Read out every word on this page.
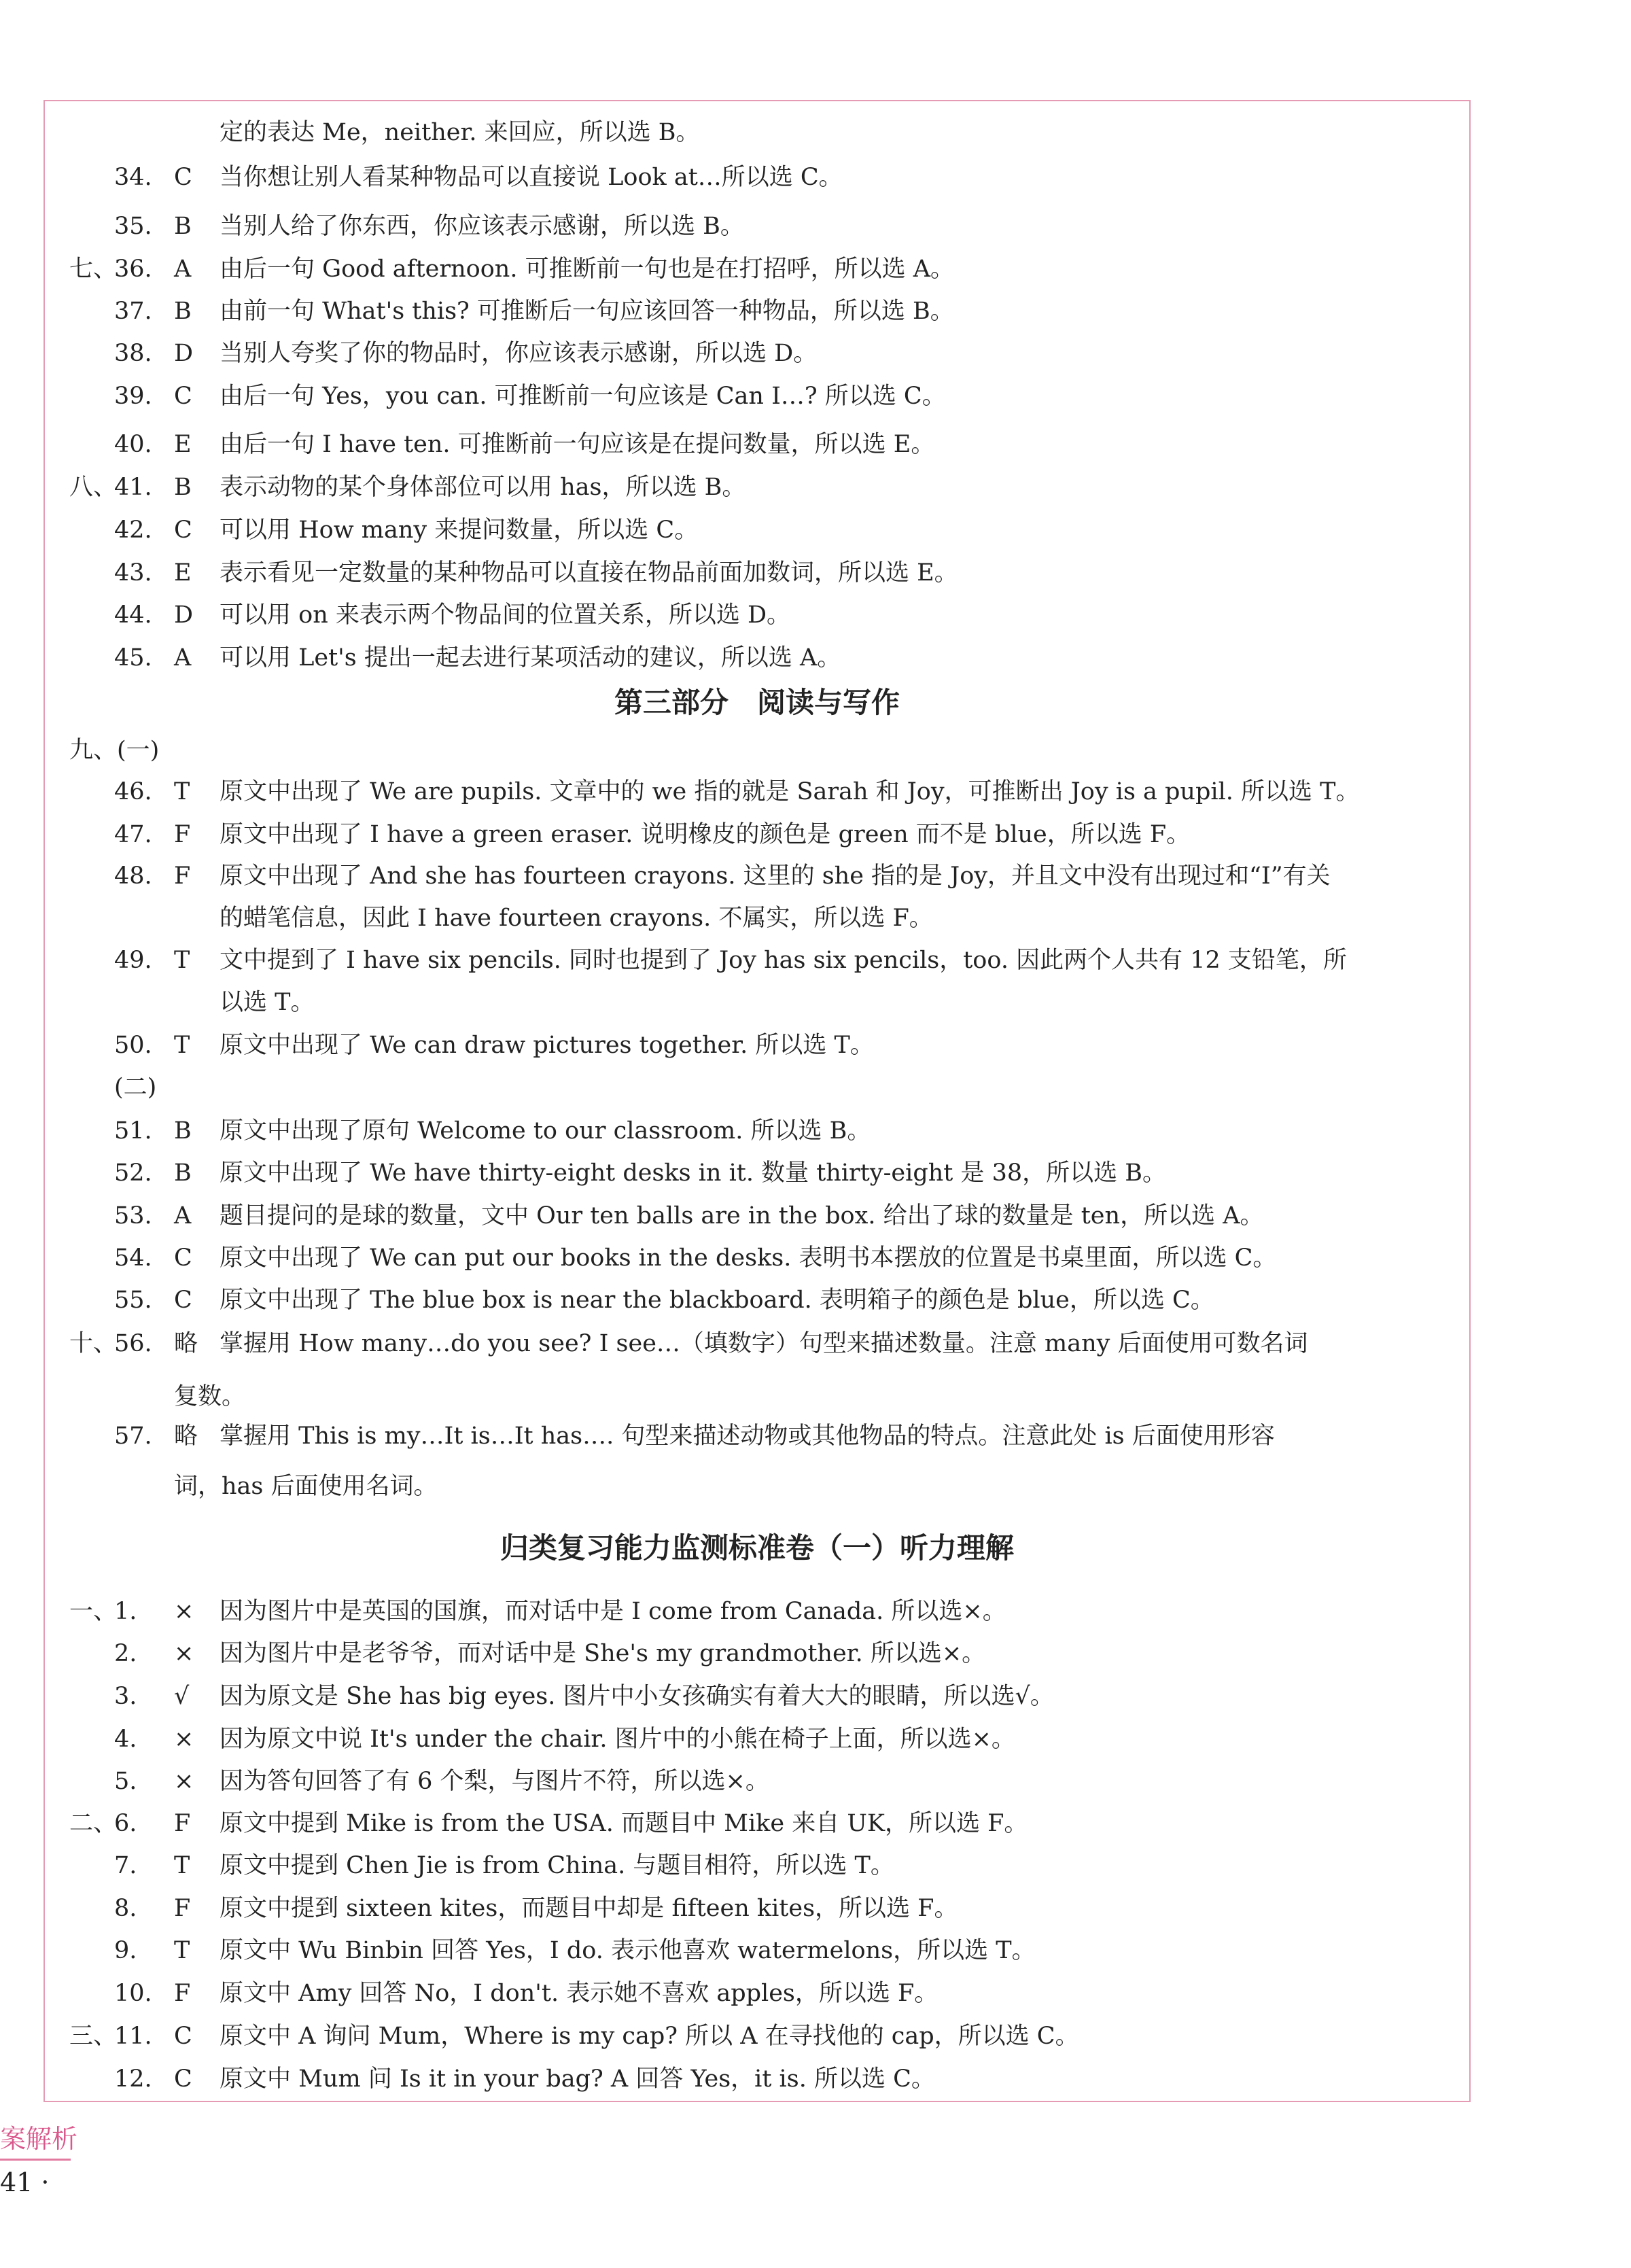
定的表达 Me，neither. 来回应，所以选 B。
34. C 当你想让别人看某种物品可以直接说 Look at…所以选 C。
35. B 当别人给了你东西，你应该表示感谢，所以选 B。
七、
36. A 由后一句 Good afternoon. 可推断前一句也是在打招呼，所以选 A。
37. B 由前一句 What's this? 可推断后一句应该回答一种物品，所以选 B。
38. D 当别人夸奖了你的物品时，你应该表示感谢，所以选 D。
39. C 由后一句 Yes，you can. 可推断前一句应该是 Can I…? 所以选 C。
40. E 由后一句 I have ten. 可推断前一句应该是在提问数量，所以选 E。
八、
41. B 表示动物的某个身体部位可以用 has，所以选 B。
42. C 可以用 How many 来提问数量，所以选 C。
43. E 表示看见一定数量的某种物品可以直接在物品前面加数词，所以选 E。
44. D 可以用 on 来表示两个物品间的位置关系，所以选 D。
45. A 可以用 Let's 提出一起去进行某项活动的建议，所以选 A。
九、(一)
46. T 原文中出现了 We are pupils. 文章中的 we 指的就是 Sarah 和 Joy，可推断出 Joy is a pupil. 所以选 T。
47. F 原文中出现了 I have a green eraser. 说明橡皮的颜色是 green 而不是 blue，所以选 F。
48. F 原文中出现了 And she has fourteen crayons. 这里的 she 指的是 Joy，并且文中没有出现过和“I”有关
的蜡笔信息，因此 I have fourteen crayons. 不属实，所以选 F。
49. T 文中提到了 I have six pencils. 同时也提到了 Joy has six pencils，too. 因此两个人共有 12 支铅笔，所
以选 T。
50. T 原文中出现了 We can draw pictures together. 所以选 T。
(二)
51. B 原文中出现了原句 Welcome to our classroom. 所以选 B。
52. B 原文中出现了 We have thirty-eight desks in it. 数量 thirty-eight 是 38，所以选 B。
53. A 题目提问的是球的数量，文中 Our ten balls are in the box. 给出了球的数量是 ten，所以选 A。
54. C 原文中出现了 We can put our books in the desks. 表明书本摆放的位置是书桌里面，所以选 C。
55. C 原文中出现了 The blue box is near the blackboard. 表明箱子的颜色是 blue，所以选 C。
十、
56. 略 掌握用 How many…do you see? I see…（填数字）句型来描述数量。注意 many 后面使用可数名词
复数。
57. 略 掌握用 This is my…It is…It has…. 句型来描述动物或其他物品的特点。注意此处 is 后面使用形容
词，has 后面使用名词。
一、
1. × 因为图片中是英国的国旗，而对话中是 I come from Canada. 所以选×。
2. × 因为图片中是老爷爷，而对话中是 She's my grandmother. 所以选×。
3. √ 因为原文是 She has big eyes. 图片中小女孩确实有着大大的眼睛，所以选√。
4. × 因为原文中说 It's under the chair. 图片中的小熊在椅子上面，所以选×。
5. × 因为答句回答了有 6 个梨，与图片不符，所以选×。
二、
6. F 原文中提到 Mike is from the USA. 而题目中 Mike 来自 UK，所以选 F。
7. T 原文中提到 Chen Jie is from China. 与题目相符，所以选 T。
8. F 原文中提到 sixteen kites，而题目中却是 fifteen kites，所以选 F。
9. T 原文中 Wu Binbin 回答 Yes，I do. 表示他喜欢 watermelons，所以选 T。
10. F 原文中 Amy 回答 No，I don't. 表示她不喜欢 apples，所以选 F。
三、
11. C 原文中 A 询问 Mum，Where is my cap? 所以 A 在寻找他的 cap，所以选 C。
12. C 原文中 Mum 问 Is it in your bag? A 回答 Yes，it is. 所以选 C。
第三部分　阅读与写作
归类复习能力监测标准卷（一）听力理解
案解析
41 ·
